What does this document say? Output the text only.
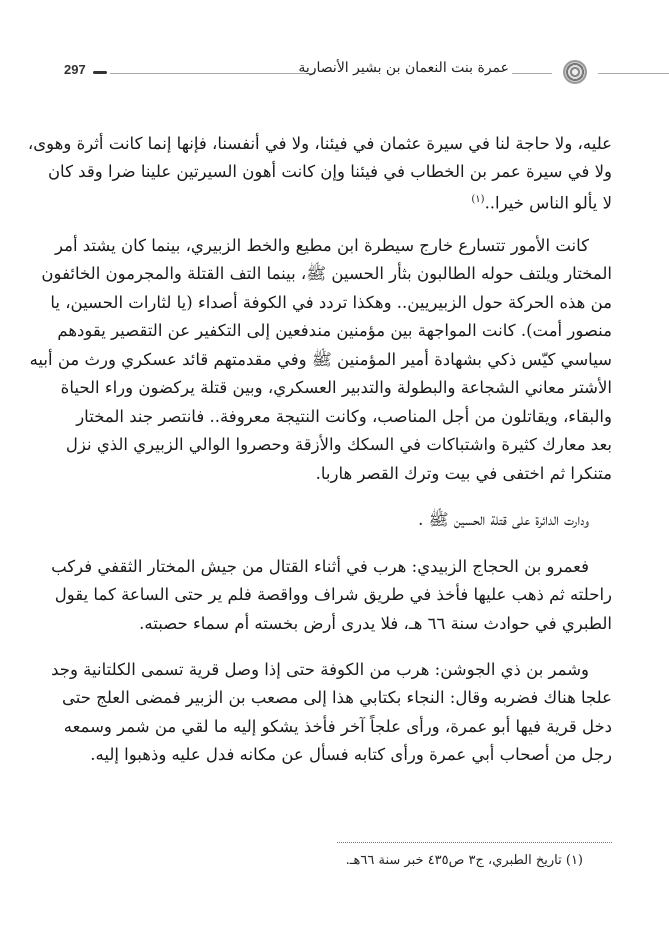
297	عمرة بنت النعمان بن بشير الأنصارية
عليه، ولا حاجة لنا في سيرة عثمان في فيئنا، ولا في أنفسنا، فإنها إنما كانت أثرة وهوى،
ولا في سيرة عمر بن الخطاب في فيئنا وإن كانت أهون السيرتين علينا ضرا وقد كان
لا يألو الناس خيرا..$^{(١)}$
كانت الأمور تتسارع خارج سيطرة ابن مطيع والخط الزبيري، بينما كان يشتد أمر
المختار ويلتف حوله الطالبون بثأر الحسين ﷺ، بينما التف القتلة والمجرمون الخائفون
من هذه الحركة حول الزبيريين.. وهكذا تردد في الكوفة أصداء (يا لثارات الحسين، يا
منصور أمت). كانت المواجهة بين مؤمنين مندفعين إلى التكفير عن التقصير يقودهم
سياسي كيّس ذكي بشهادة أمير المؤمنين ﷺ وفي مقدمتهم قائد عسكري ورث من أبيه
الأشتر معاني الشجاعة والبطولة والتدبير العسكري، وبين قتلة يركضون وراء الحياة
والبقاء، ويقاتلون من أجل المناصب، وكانت النتيجة معروفة.. فانتصر جند المختار
بعد معارك كثيرة واشتباكات في السكك والأزقة وحصروا الوالي الزبيري الذي نزل
متنكرا ثم اختفى في بيت وترك القصر هاربا.
ودارت الدائرة على قتلة الحسين ﷺ .
فعمرو بن الحجاج الزبيدي: هرب في أثناء القتال من جيش المختار الثقفي فركب
راحلته ثم ذهب عليها فأخذ في طريق شراف وواقصة فلم ير حتى الساعة كما يقول
الطبري في حوادث سنة ٦٦ هـ، فلا يدرى أرض بخسته أم سماء حصبته.
وشمر بن ذي الجوشن: هرب من الكوفة حتى إذا وصل قرية تسمى الكلتانية وجد
علجا هناك فضربه وقال: النجاء بكتابي هذا إلى مصعب بن الزبير فمضى العلج حتى
دخل قرية فيها أبو عمرة، ورأى علجاً آخر فأخذ يشكو إليه ما لقي من شمر وسمعه
رجل من أصحاب أبي عمرة ورأى كتابه فسأل عن مكانه فدل عليه وذهبوا إليه.
(١) تاريخ الطبري، ج٣ ص٤٣٥ خبر سنة ٦٦هـ.
